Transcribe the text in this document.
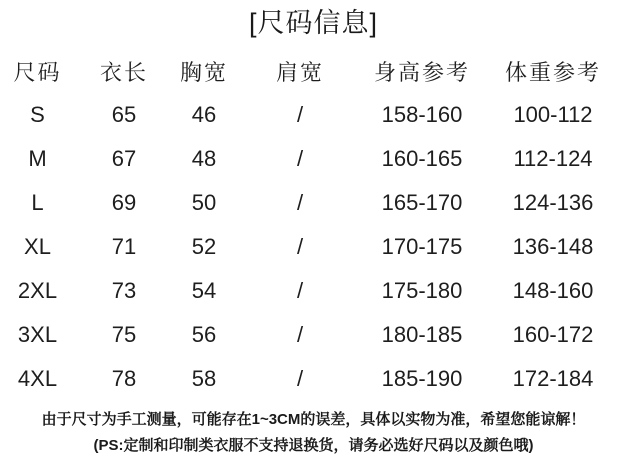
[尺码信息]
尺码	衣长	胸宽	肩宽	身高参考	体重参考
S	65	46	/	158-160	100-112
M	67	48	/	160-165	112-124
L	69	50	/	165-170	124-136
XL	71	52	/	170-175	136-148
2XL	73	54	/	175-180	148-160
3XL	75	56	/	180-185	160-172
4XL	78	58	/	185-190	172-184
由于尺寸为手工测量，可能存在1~3CM的误差，具体以实物为准，希望您能谅解！
(PS:定制和印制类衣服不支持退换货，请务必选好尺码以及颜色哦)
